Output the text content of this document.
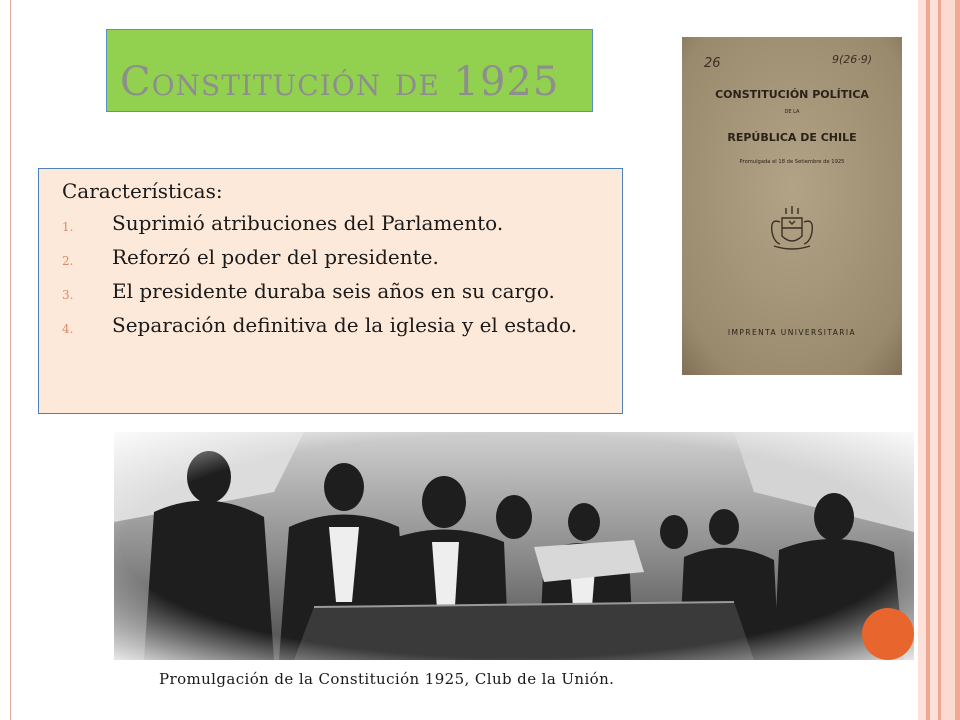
Constitución de 1925
Características:
1. Suprimió atribuciones del Parlamento.
2. Reforzó el poder del presidente.
3. El presidente duraba seis años en su cargo.
4. Separación definitiva de la iglesia y el estado.
26	9(26·9)
CONSTITUCIÓN POLÍTICA
DE LA
REPÚBLICA DE CHILE
Promulgada el 18 de Setiembre de 1925
IMPRENTA UNIVERSITARIA
Promulgación de la Constitución 1925, Club de la Unión.
